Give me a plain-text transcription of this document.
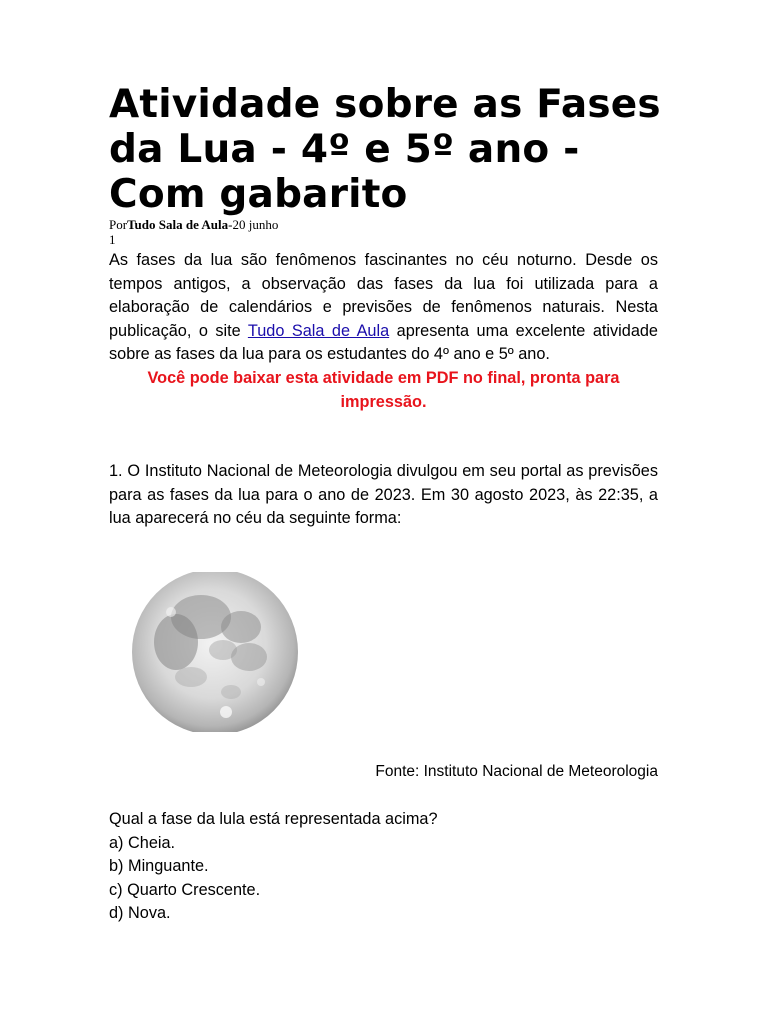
Atividade sobre as Fases da Lua - 4º e 5º ano - Com gabarito
PorTudo Sala de Aula-20 junho
1

As fases da lua são fenômenos fascinantes no céu noturno. Desde os tempos antigos, a observação das fases da lua foi utilizada para a elaboração de calendários e previsões de fenômenos naturais. Nesta publicação, o site Tudo Sala de Aula apresenta uma excelente atividade sobre as fases da lua para os estudantes do 4º ano e 5º ano.

Você pode baixar esta atividade em PDF no final, pronta para impressão.

1. O Instituto Nacional de Meteorologia divulgou em seu portal as previsões para as fases da lua para o ano de 2023. Em 30 agosto 2023, às 22:35, a lua aparecerá no céu da seguinte forma:

Fonte: Instituto Nacional de Meteorologia

Qual a fase da lula está representada acima?
a) Cheia.
b) Minguante.
c) Quarto Crescente.
d) Nova.
